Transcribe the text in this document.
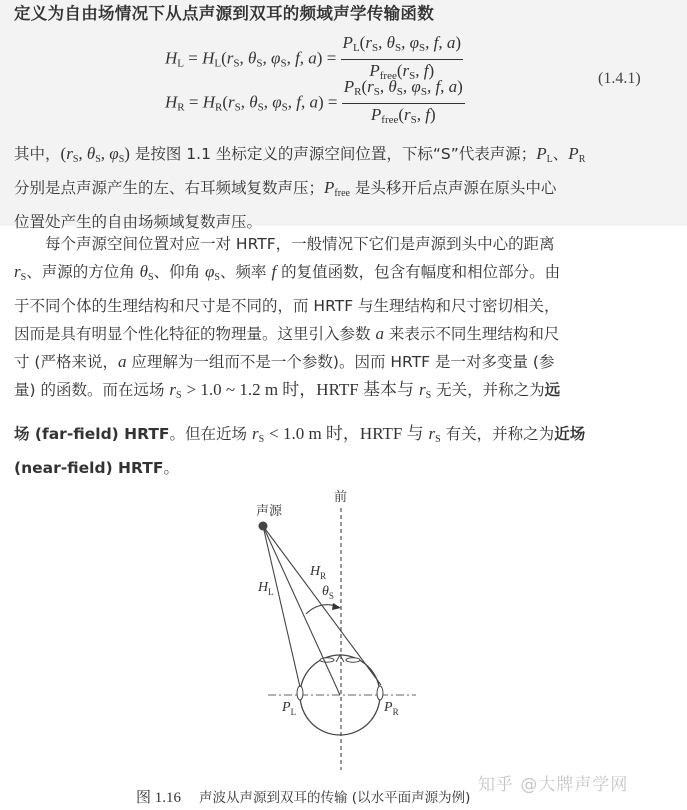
定义为自由场情况下从点声源到双耳的频域声学传输函数
$H_L = H_L(r_S$, $\theta_S$, $\varphi_S$, f, $a) = \frac{P_L(r_S, \theta_S, \varphi_S, f, a)}{P_{free}(r_S, f)}$
$H_R = H_R(r_S$, $\theta_S$, $\varphi_S$, f, $a) = \frac{P_R(r_S, \theta_S, \varphi_S, f, a)}{P_{free}(r_S, f)}$	(1.4.1)
其中，($r_S$, $\theta_S$, $\varphi_S$) 是按图 1.1 坐标定义的声源空间位置，下标“S”代表声源；$P_L$、$P_R$
分别是点声源产生的左、右耳频域复数声压；$P_{free}$ 是头移开后点声源在原头中心
位置处产生的自由场频域复数声压。
每个声源空间位置对应一对 HRTF，一般情况下它们是声源到头中心的距离
$r_S$、声源的方位角 $\theta_S$、仰角 $\varphi_S$、频率 f 的复值函数，包含有幅度和相位部分。由
于不同个体的生理结构和尺寸是不同的，而 HRTF 与生理结构和尺寸密切相关，
因而是具有明显个性化特征的物理量。这里引入参数 a 来表示不同生理结构和尺
寸 (严格来说，a 应理解为一组而不是一个参数)。因而 HRTF 是一对多变量 (参
量) 的函数。而在远场 $r_S > 1.0$ ~ 1.2 m 时，HRTF 基本与 $r_S$ 无关，并称之为远
场 (far-field) HRTF。但在近场 $r_S < 1.0$ m 时，HRTF 与 $r_S$ 有关，并称之为近场
(near-field) HRTF。
声源
前
$H_L$
$H_R$
$\theta_S$
$P_L$	$P_R$
图 1.16 声波从声源到双耳的传输 (以水平面声源为例)
知乎 @大牌声学网
